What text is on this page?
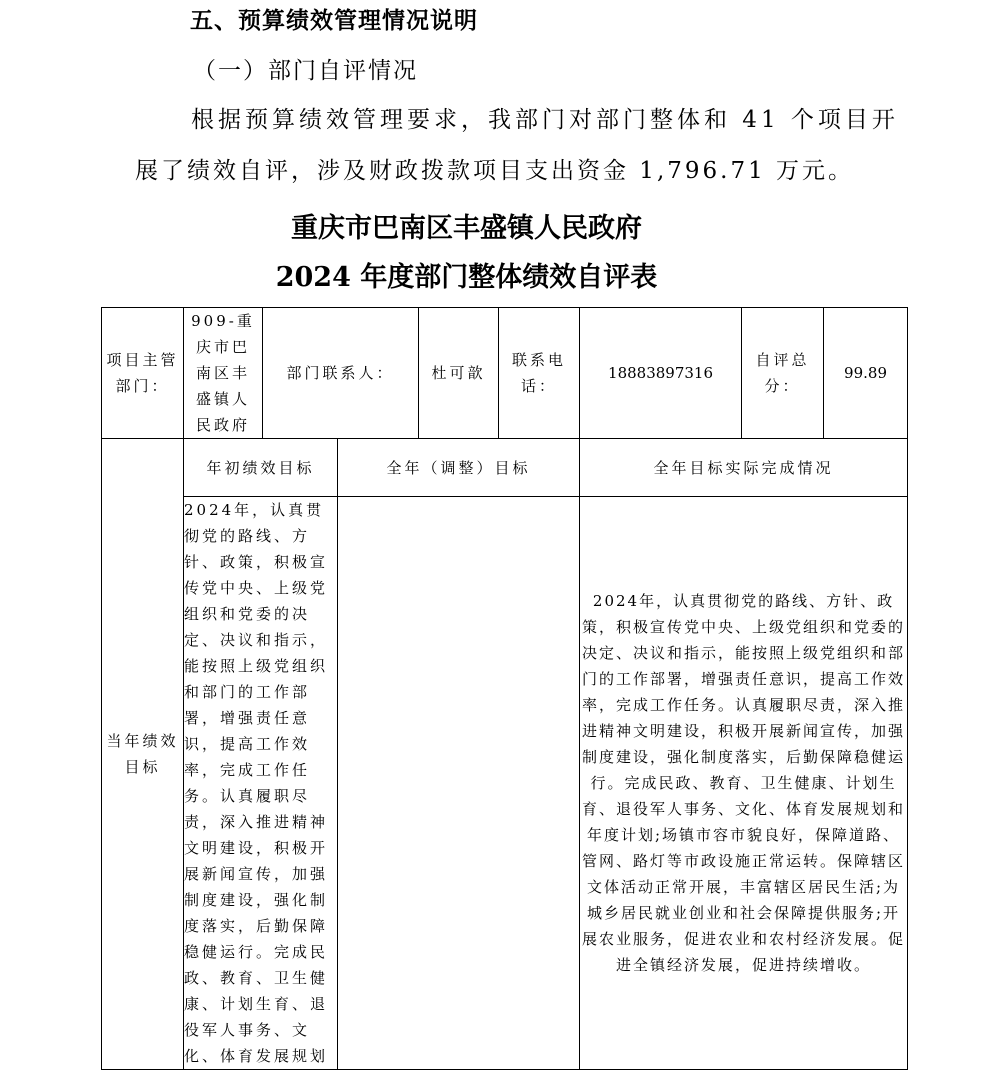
五、预算绩效管理情况说明
（一）部门自评情况
根据预算绩效管理要求，我部门对部门整体和 41 个项目开
展了绩效自评，涉及财政拨款项目支出资金 1,796.71 万元。
重庆市巴南区丰盛镇人民政府
2024 年度部门整体绩效自评表
项目主管部门：	909-重庆市巴南区丰盛镇人民政府	部门联系人：		杜可歆	联系电话：	18883897316	自评总分：	99.89
当年绩效目标	年初绩效目标		全年（调整）目标			全年目标实际完成情况		
	2024年，认真贯彻党的路线、方针、政策，积极宣传党中央、上级党组织和党委的决定、决议和指示，能按照上级党组织和部门的工作部署，增强责任意识，提高工作效率，完成工作任务。认真履职尽责，深入推进精神文明建设，积极开展新闻宣传，加强制度建设，强化制度落实，后勤保障稳健运行。完成民政、教育、卫生健康、计划生育、退役军人事务、文化、体育发展规划					2024年，认真贯彻党的路线、方针、政策，积极宣传党中央、上级党组织和党委的决定、决议和指示，能按照上级党组织和部门的工作部署，增强责任意识，提高工作效率，完成工作任务。认真履职尽责，深入推进精神文明建设，积极开展新闻宣传，加强制度建设，强化制度落实，后勤保障稳健运行。完成民政、教育、卫生健康、计划生育、退役军人事务、文化、体育发展规划和年度计划;场镇市容市貌良好，保障道路、管网、路灯等市政设施正常运转。保障辖区文体活动正常开展，丰富辖区居民生活;为城乡居民就业创业和社会保障提供服务;开展农业服务，促进农业和农村经济发展。促进全镇经济发展，促进持续增收。		
